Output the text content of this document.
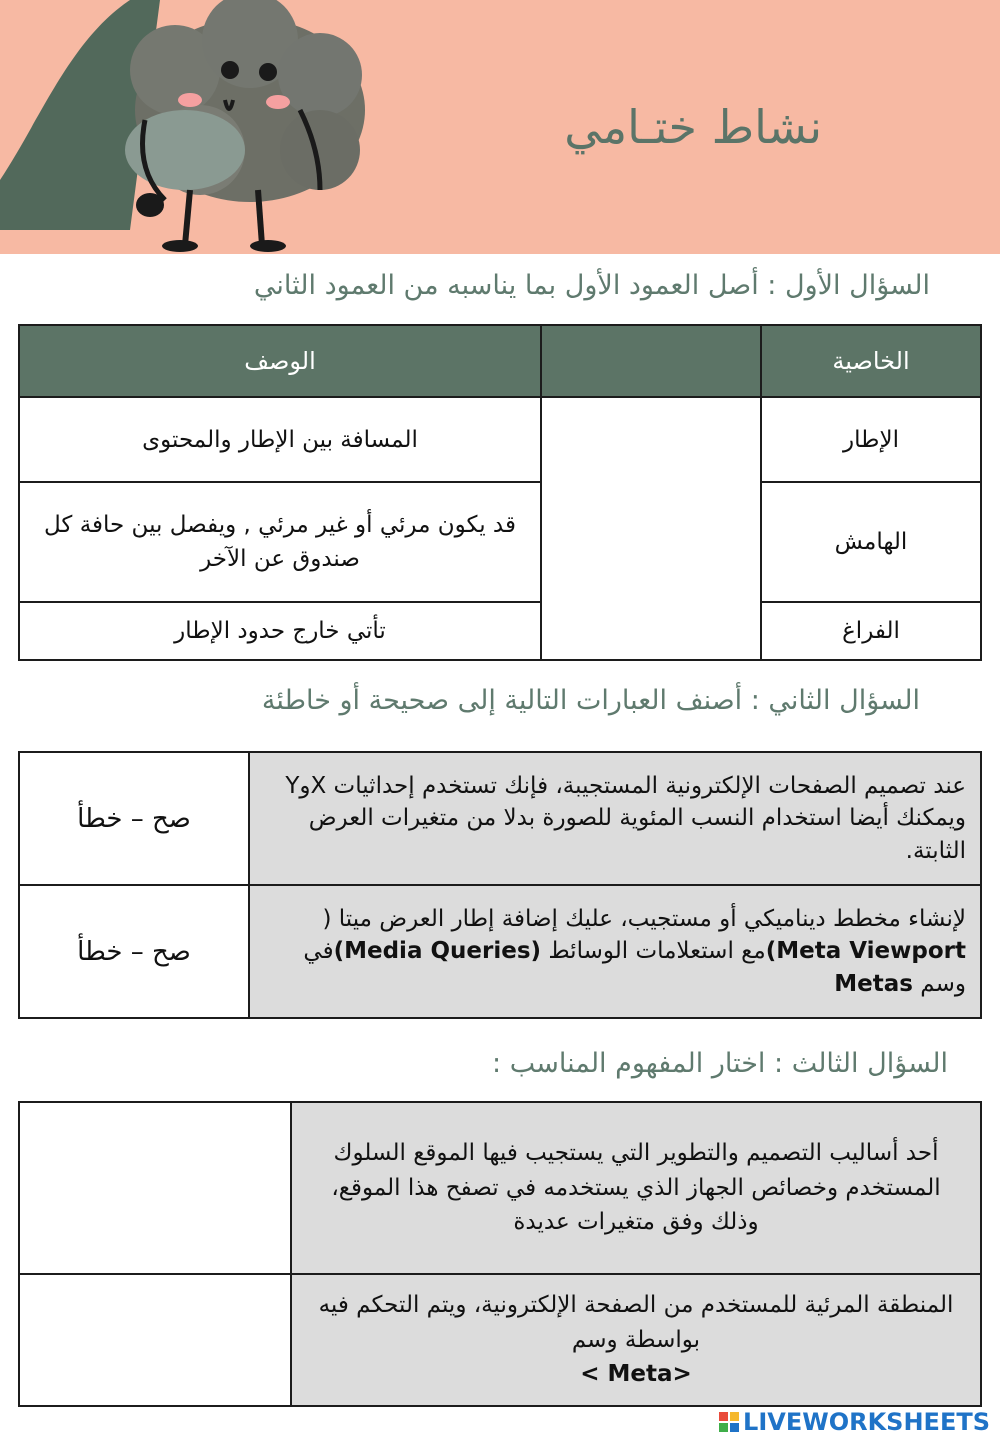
نشاط ختـامي
السؤال الأول : أصل العمود الأول بما يناسبه من العمود الثاني
الخاصية		الوصف
الإطار		المسافة بين الإطار والمحتوى
الهامش		قد يكون مرئي أو غير مرئي , ويفصل بين حافة كل صندوق عن الآخر
الفراغ		تأتي خارج حدود الإطار
السؤال الثاني : أصنف العبارات التالية إلى صحيحة أو خاطئة
عند تصميم الصفحات الإلكترونية المستجيبة، فإنك تستخدم إحداثيات XوY ويمكنك أيضا استخدام النسب المئوية للصورة بدلا من متغيرات العرض الثابتة.	صح – خطأ
لإنشاء مخطط ديناميكي أو مستجيب، عليك إضافة إطار العرض ميتا ( (Meta Viewportمع استعلامات الوسائط (Media Queries)في وسم Metas	صح – خطأ
السؤال الثالث : اختار المفهوم المناسب :
أحد أساليب التصميم والتطوير التي يستجيب فيها الموقع السلوك المستخدم وخصائص الجهاز الذي يستخدمه في تصفح هذا الموقع، وذلك وفق متغيرات عديدة	
المنطقة المرئية للمستخدم من الصفحة الإلكترونية، ويتم التحكم فيه بواسطة وسم
< Meta>	
LIVEWORKSHEETS
